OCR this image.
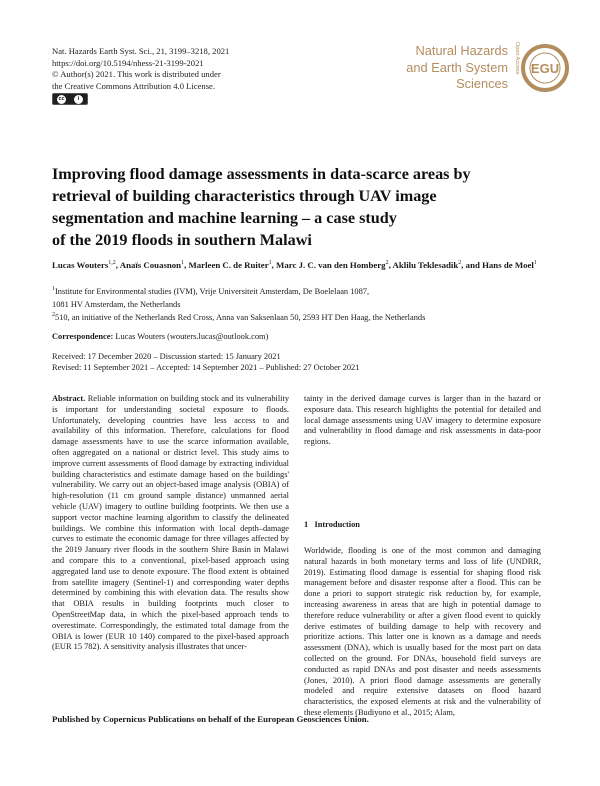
Nat. Hazards Earth Syst. Sci., 21, 3199–3218, 2021
https://doi.org/10.5194/nhess-21-3199-2021
© Author(s) 2021. This work is distributed under
the Creative Commons Attribution 4.0 License.
cc	i
Natural Hazards
and Earth System
Sciences
Open Access EGU
Improving flood damage assessments in data-scarce areas by
retrieval of building characteristics through UAV image
segmentation and machine learning – a case study
of the 2019 floods in southern Malawi
Lucas Wouters$^{1,2}$, Anaïs Couasnon$^1$, Marleen C. de Ruiter$^1$, Marc J. C. van den Homberg$^2$, Aklilu Teklesadik$^2$, and Hans de Moel$^1$
$^1$Institute for Environmental studies (IVM), Vrije Universiteit Amsterdam, De Boelelaan 1087,
1081 HV Amsterdam, the Netherlands
$^2$510, an initiative of the Netherlands Red Cross, Anna van Saksenlaan 50, 2593 HT Den Haag, the Netherlands
Correspondence: Lucas Wouters (wouters.lucas@outlook.com)
Received: 17 December 2020 – Discussion started: 15 January 2021
Revised: 11 September 2021 – Accepted: 14 September 2021 – Published: 27 October 2021
Abstract. Reliable information on building stock and its vulnerability is important for understanding societal exposure to floods. Unfortunately, developing countries have less access to and availability of this information. Therefore, calculations for flood damage assessments have to use the scarce information available, often aggregated on a national or district level. This study aims to improve current assessments of flood damage by extracting individual building characteristics and estimate damage based on the buildings' vulnerability. We carry out an object-based image analysis (OBIA) of high-resolution (11 cm ground sample distance) unmanned aerial vehicle (UAV) imagery to outline building footprints. We then use a support vector machine learning algorithm to classify the delineated buildings. We combine this information with local depth–damage curves to estimate the economic damage for three villages affected by the 2019 January river floods in the southern Shire Basin in Malawi and compare this to a conventional, pixel-based approach using aggregated land use to denote exposure. The flood extent is obtained from satellite imagery (Sentinel-1) and corresponding water depths determined by combining this with elevation data. The results show that OBIA results in building footprints much closer to OpenStreetMap data, in which the pixel-based approach tends to overestimate. Correspondingly, the estimated total damage from the OBIA is lower (EUR 10 140) compared to the pixel-based approach (EUR 15 782). A sensitivity analysis illustrates that uncer-
tainty in the derived damage curves is larger than in the hazard or exposure data. This research highlights the potential for detailed and local damage assessments using UAV imagery to determine exposure and vulnerability in flood damage and risk assessments in data-poor regions.
1 Introduction
Worldwide, flooding is one of the most common and damaging natural hazards in both monetary terms and loss of life (UNDRR, 2019). Estimating flood damage is essential for shaping flood risk management before and disaster response after a flood. This can be done a priori to support strategic risk reduction by, for example, increasing awareness in areas that are high in potential damage to therefore reduce vulnerability or after a given flood event to quickly derive estimates of building damage to help with recovery and prioritize actions. This latter one is known as a damage and needs assessment (DNA), which is usually based for the most part on data collected on the ground. For DNAs, household field surveys are conducted as rapid DNAs and post disaster and needs assessments (Jones, 2010). A priori flood damage assessments are generally modeled and require extensive datasets on flood hazard characteristics, the exposed elements at risk and the vulnerability of these elements (Budiyono et al., 2015; Alam,
Published by Copernicus Publications on behalf of the European Geosciences Union.
